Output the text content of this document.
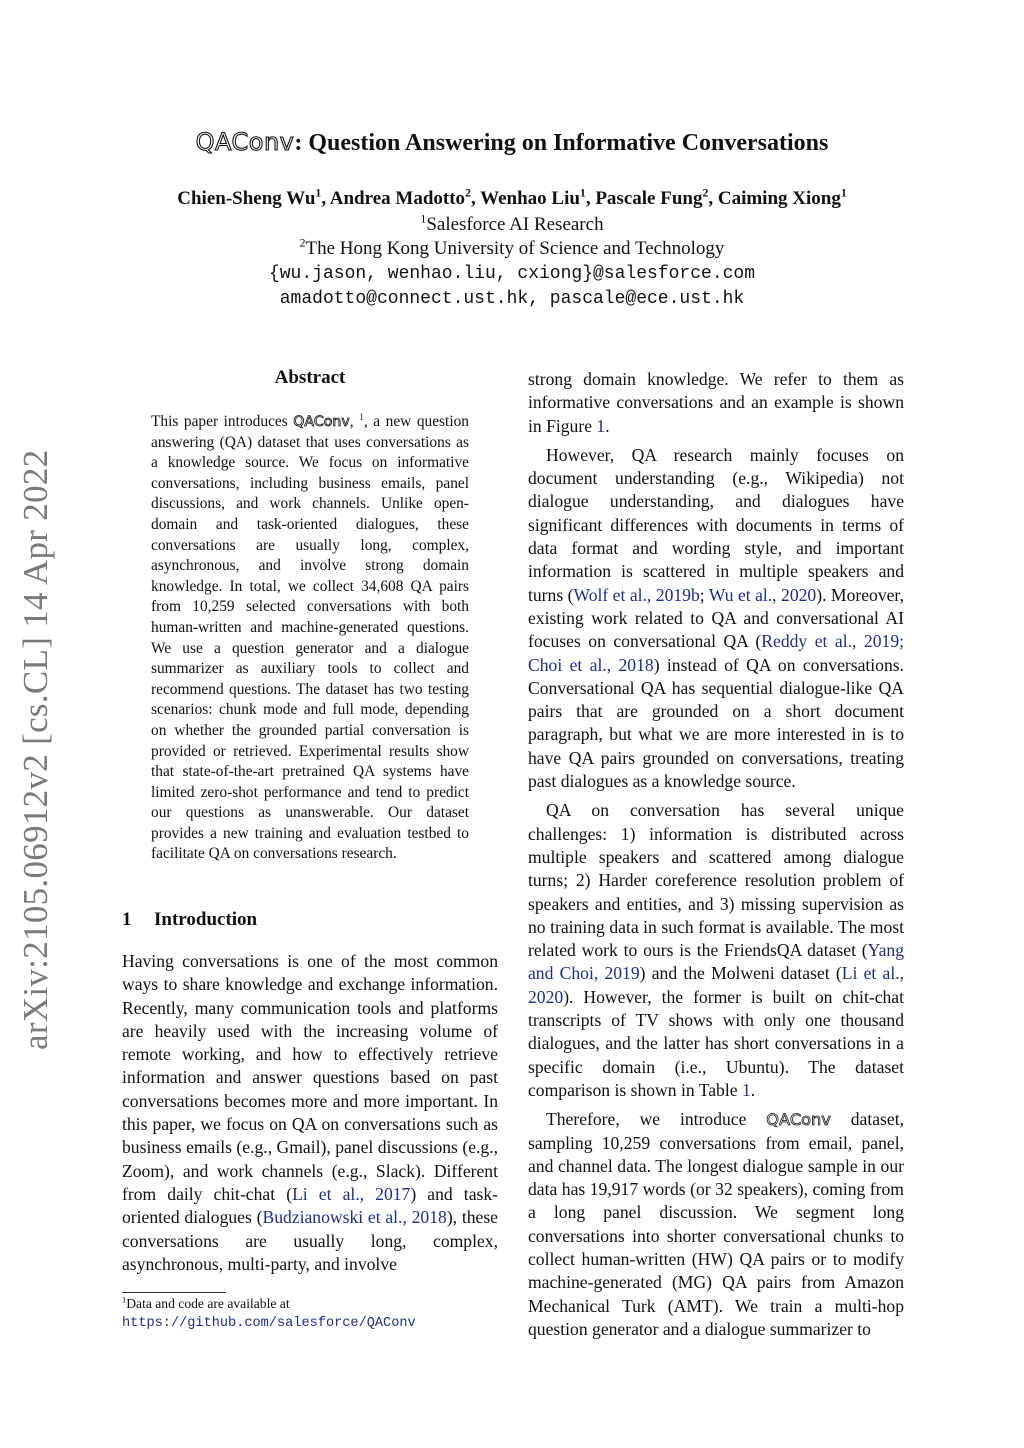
arXiv:2105.06912v2 [cs.CL] 14 Apr 2022
QAConv: Question Answering on Informative Conversations
Chien-Sheng Wu$^1$, Andrea Madotto$^2$, Wenhao Liu$^1$, Pascale Fung$^2$, Caiming Xiong$^1$
$^1$Salesforce AI Research
$^2$The Hong Kong University of Science and Technology
{wu.jason, wenhao.liu, cxiong}@salesforce.com
amadotto@connect.ust.hk, pascale@ece.ust.hk
Abstract
This paper introduces QAConv, $^1$, a new question answering (QA) dataset that uses conversations as a knowledge source. We focus on informative conversations, including business emails, panel discussions, and work channels. Unlike open-domain and task-oriented dialogues, these conversations are usually long, complex, asynchronous, and involve strong domain knowledge. In total, we collect 34,608 QA pairs from 10,259 selected conversations with both human-written and machine-generated questions. We use a question generator and a dialogue summarizer as auxiliary tools to collect and recommend questions. The dataset has two testing scenarios: chunk mode and full mode, depending on whether the grounded partial conversation is provided or retrieved. Experimental results show that state-of-the-art pretrained QA systems have limited zero-shot performance and tend to predict our questions as unanswerable. Our dataset provides a new training and evaluation testbed to facilitate QA on conversations research.
1 Introduction

Having conversations is one of the most common ways to share knowledge and exchange information. Recently, many communication tools and platforms are heavily used with the increasing volume of remote working, and how to effectively retrieve information and answer questions based on past conversations becomes more and more important. In this paper, we focus on QA on conversations such as business emails (e.g., Gmail), panel discussions (e.g., Zoom), and work channels (e.g., Slack). Different from daily chit-chat (Li et al., 2017) and task-oriented dialogues (Budzianowski et al., 2018), these conversations are usually long, complex, asynchronous, multi-party, and involve

$^1$Data and code are available at https://github.com/salesforce/QAConv

strong domain knowledge. We refer to them as informative conversations and an example is shown in Figure 1.

However, QA research mainly focuses on document understanding (e.g., Wikipedia) not dialogue understanding, and dialogues have significant differences with documents in terms of data format and wording style, and important information is scattered in multiple speakers and turns (Wolf et al., 2019b; Wu et al., 2020). Moreover, existing work related to QA and conversational AI focuses on conversational QA (Reddy et al., 2019; Choi et al., 2018) instead of QA on conversations. Conversational QA has sequential dialogue-like QA pairs that are grounded on a short document paragraph, but what we are more interested in is to have QA pairs grounded on conversations, treating past dialogues as a knowledge source.

QA on conversation has several unique challenges: 1) information is distributed across multiple speakers and scattered among dialogue turns; 2) Harder coreference resolution problem of speakers and entities, and 3) missing supervision as no training data in such format is available. The most related work to ours is the FriendsQA dataset (Yang and Choi, 2019) and the Molweni dataset (Li et al., 2020). However, the former is built on chit-chat transcripts of TV shows with only one thousand dialogues, and the latter has short conversations in a specific domain (i.e., Ubuntu). The dataset comparison is shown in Table 1.

Therefore, we introduce QAConv dataset, sampling 10,259 conversations from email, panel, and channel data. The longest dialogue sample in our data has 19,917 words (or 32 speakers), coming from a long panel discussion. We segment long conversations into shorter conversational chunks to collect human-written (HW) QA pairs or to modify machine-generated (MG) QA pairs from Amazon Mechanical Turk (AMT). We train a multi-hop question generator and a dialogue summarizer to
